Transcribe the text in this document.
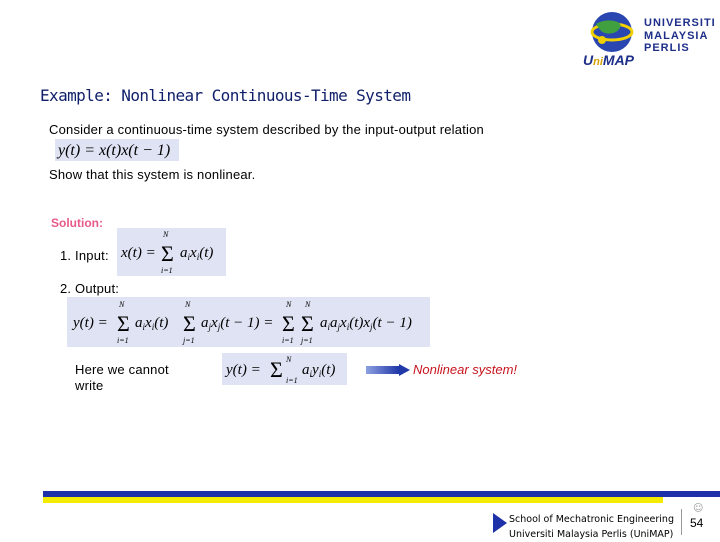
UniMAP
UNIVERSITI
MALAYSIA
PERLIS
Example: Nonlinear Continuous-Time System
Consider a continuous-time system described by the input-output relation
y(t) = x(t)x(t − 1)
Show that this system is nonlinear.
Solution:
1. Input: x(t) =
N
Σ
i=1
$a_ix_i(t)$
2. Output:
y(t) =
N
Σ
i=1
$a_ix_i(t)$
N
Σ
j=1
$a_jx_j(t - 1)$ =
N
Σ
i=1
N
Σ
j=1
$a_ia_jx_i(t)x_j(t - 1)$
Here we cannot
write
y(t) = Σ N
i=1
$a_iy_i(t)$	Nonlinear system!
School of Mechatronic Engineering
Universiti Malaysia Perlis (UniMAP)
☺
54
